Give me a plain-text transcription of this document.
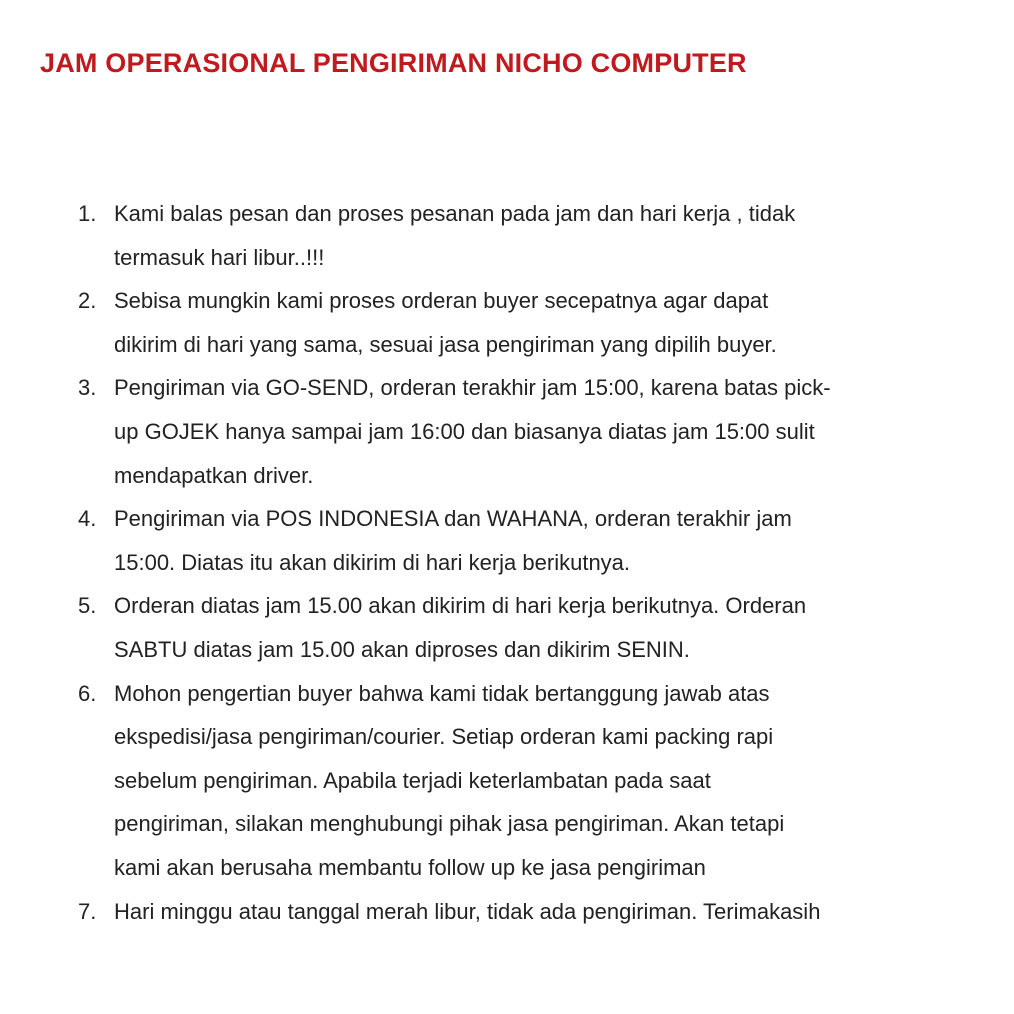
JAM OPERASIONAL PENGIRIMAN NICHO COMPUTER
1. Kami balas pesan dan proses pesanan pada jam dan hari kerja , tidak
termasuk hari libur..!!!
2. Sebisa mungkin kami proses orderan buyer secepatnya agar dapat
dikirim di hari yang sama, sesuai jasa pengiriman yang dipilih buyer.
3. Pengiriman via GO-SEND, orderan terakhir jam 15:00, karena batas pick-
up GOJEK hanya sampai jam 16:00 dan biasanya diatas jam 15:00 sulit
mendapatkan driver.
4. Pengiriman via POS INDONESIA dan WAHANA, orderan terakhir jam
15:00. Diatas itu akan dikirim di hari kerja berikutnya.
5. Orderan diatas jam 15.00 akan dikirim di hari kerja berikutnya. Orderan
SABTU diatas jam 15.00 akan diproses dan dikirim SENIN.
6. Mohon pengertian buyer bahwa kami tidak bertanggung jawab atas
ekspedisi/jasa pengiriman/courier. Setiap orderan kami packing rapi
sebelum pengiriman. Apabila terjadi keterlambatan pada saat
pengiriman, silakan menghubungi pihak jasa pengiriman. Akan tetapi
kami akan berusaha membantu follow up ke jasa pengiriman
7. Hari minggu atau tanggal merah libur, tidak ada pengiriman. Terimakasih
